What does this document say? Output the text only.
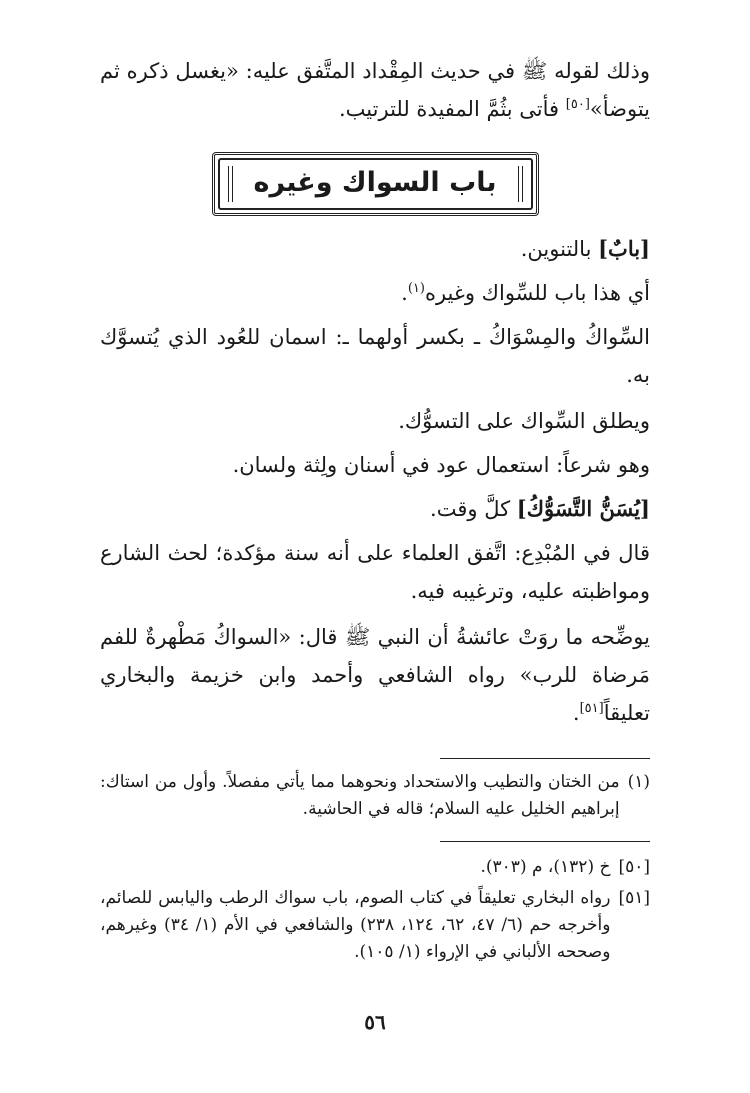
وذلك لقوله ﷺ في حديث المِقْداد المتَّفق عليه: «يغسل ذكره ثم يتوضأ»[٥٠] فأتى بثُمَّ المفيدة للترتيب.

باب السواك وغيره

[بابٌ] بالتنوين.

أي هذا باب للسِّواك وغيره$^{(١)}$.

السِّواكُ والمِسْوَاكُ ـ بكسر أولهما ـ: اسمان للعُود الذي يُتسوَّك به.

ويطلق السِّواك على التسوُّك.

وهو شرعاً: استعمال عود في أسنان ولِثة ولسان.

[يُسَنُّ التَّسَوُّكُ] كلَّ وقت.

قال في المُبْدِع: اتَّفق العلماء على أنه سنة مؤكدة؛ لحث الشارع ومواظبته عليه، وترغيبه فيه.

يوضِّحه ما روَتْ عائشةُ أن النبي ﷺ قال: «السواكُ مَطْهرةٌ للفم مَرضاة للرب» رواه الشافعي وأحمد وابن خزيمة والبخاري تعليقاً[٥١].

(١)
من الختان والتطيب والاستحداد ونحوهما مما يأتي مفصلاً. وأول من استاك: إبراهيم الخليل عليه السلام؛ قاله في الحاشية.
[٥٠]
خ (١٣٢)، م (٣٠٣).
[٥١]
رواه البخاري تعليقاً في كتاب الصوم، باب سواك الرطب واليابس للصائم، وأخرجه حم (٦/ ٤٧، ٦٢، ١٢٤، ٢٣٨) والشافعي في الأم (١/ ٣٤) وغيرهم، وصححه الألباني في الإرواء (١/ ١٠٥).
٥٦
